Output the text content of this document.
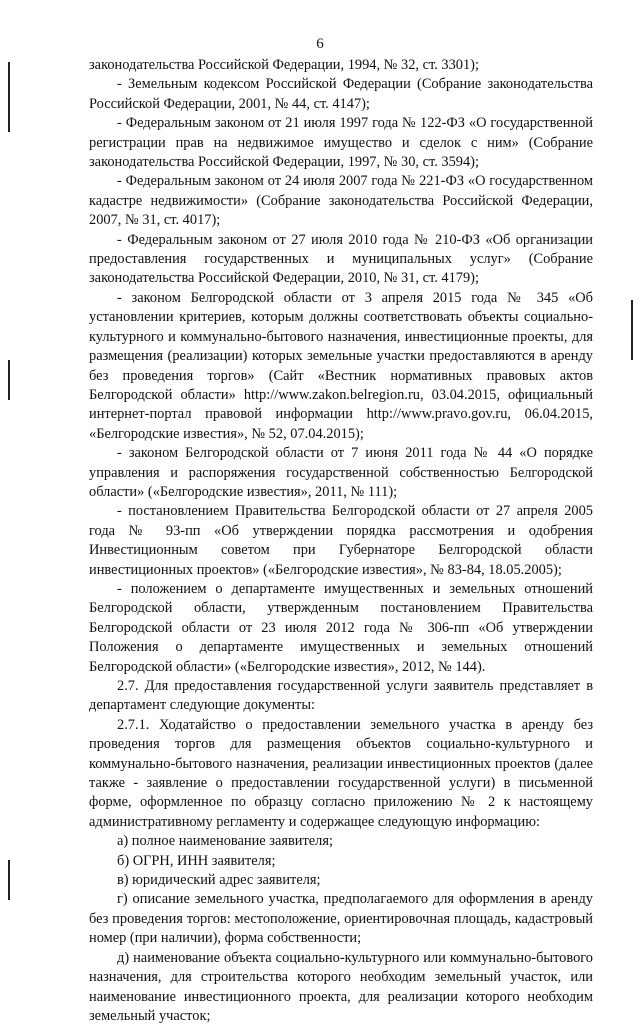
6

законодательства Российской Федерации, 1994, № 32, ст. 3301);

- Земельным кодексом Российской Федерации (Собрание законодательства Российской Федерации, 2001, № 44, ст. 4147);

- Федеральным законом от 21 июля 1997 года № 122-ФЗ «О государственной регистрации прав на недвижимое имущество и сделок с ним» (Собрание законодательства Российской Федерации, 1997, № 30, ст. 3594);

- Федеральным законом от 24 июля 2007 года № 221-ФЗ «О государственном кадастре недвижимости» (Собрание законодательства Российской Федерации, 2007, № 31, ст. 4017);

- Федеральным законом от 27 июля 2010 года № 210-ФЗ «Об организации предоставления государственных и муниципальных услуг» (Собрание законодательства Российской Федерации, 2010, № 31, ст. 4179);

- законом Белгородской области от 3 апреля 2015 года № 345 «Об установлении критериев, которым должны соответствовать объекты социально-культурного и коммунально-бытового назначения, инвестиционные проекты, для размещения (реализации) которых земельные участки предоставляются в аренду без проведения торгов» (Сайт «Вестник нормативных правовых актов Белгородской области» http://www.zakon.belregion.ru, 03.04.2015, официальный интернет-портал правовой информации http://www.pravo.gov.ru, 06.04.2015, «Белгородские известия», № 52, 07.04.2015);

- законом Белгородской области от 7 июня 2011 года № 44 «О порядке управления и распоряжения государственной собственностью Белгородской области» («Белгородские известия», 2011, № 111);

- постановлением Правительства Белгородской области от 27 апреля 2005 года № 93-пп «Об утверждении порядка рассмотрения и одобрения Инвестиционным советом при Губернаторе Белгородской области инвестиционных проектов» («Белгородские известия», № 83-84, 18.05.2005);

- положением о департаменте имущественных и земельных отношений Белгородской области, утвержденным постановлением Правительства Белгородской области от 23 июля 2012 года № 306-пп «Об утверждении Положения о департаменте имущественных и земельных отношений Белгородской области» («Белгородские известия», 2012, № 144).

2.7. Для предоставления государственной услуги заявитель представляет в департамент следующие документы:

2.7.1. Ходатайство о предоставлении земельного участка в аренду без проведения торгов для размещения объектов социально-культурного и коммунально-бытового назначения, реализации инвестиционных проектов (далее также - заявление о предоставлении государственной услуги) в письменной форме, оформленное по образцу согласно приложению № 2 к настоящему административному регламенту и содержащее следующую информацию:

а) полное наименование заявителя;

б) ОГРН, ИНН заявителя;

в) юридический адрес заявителя;

г) описание земельного участка, предполагаемого для оформления в аренду без проведения торгов: местоположение, ориентировочная площадь, кадастровый номер (при наличии), форма собственности;

д) наименование объекта социально-культурного или коммунально-бытового назначения, для строительства которого необходим земельный участок, или наименование инвестиционного проекта, для реализации которого необходим земельный участок;
